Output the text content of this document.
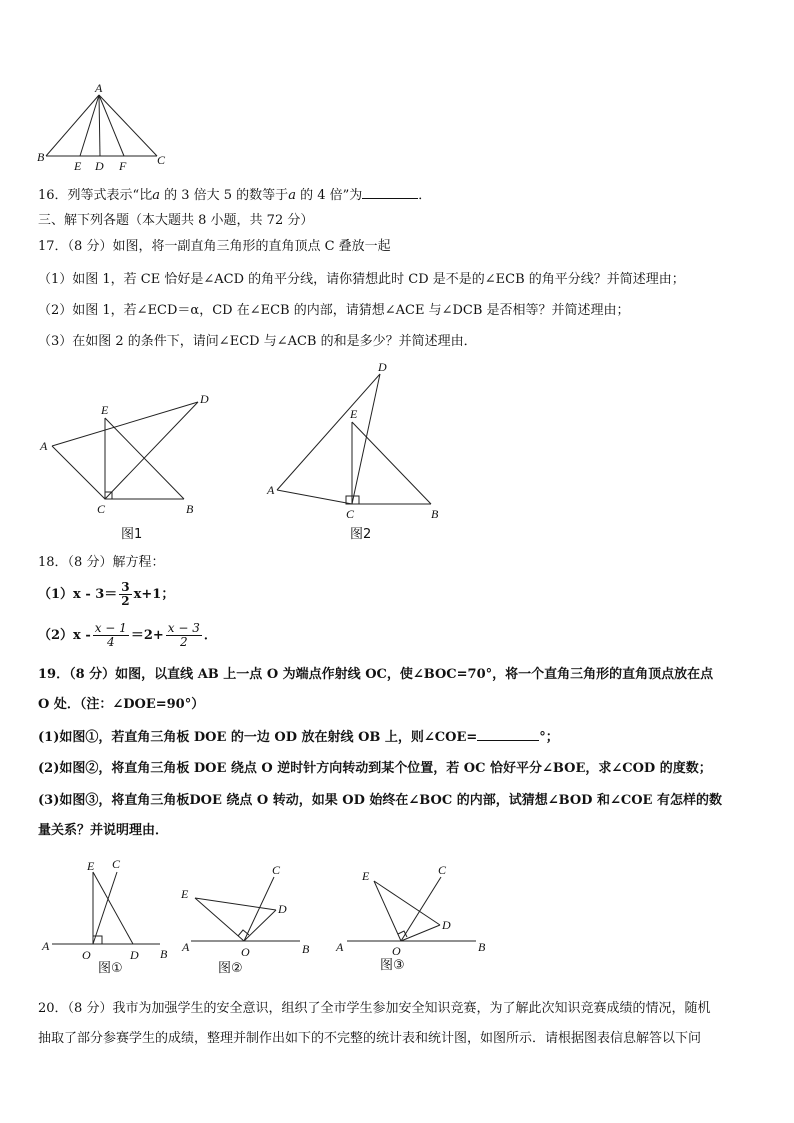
A
B	C
E D F
16．列等式表示“比a 的 3 倍大 5 的数等于a 的 4 倍”为	．
三、解下列各题（本大题共 8 小题，共 72 分）
17．（8 分）如图，将一副直角三角形的直角顶点 C 叠放一起
（1）如图 1，若 CE 恰好是∠ACD 的角平分线，请你猜想此时 CD 是不是的∠ECB 的角平分线？并简述理由；
（2）如图 1，若∠ECD＝α，CD 在∠ECB 的内部，请猜想∠ACE 与∠DCB 是否相等？并简述理由；
（3）在如图 2 的条件下，请问∠ECD 与∠ACB 的和是多少？并简述理由．
A
E
D
C	B
图1
D
E
A
C	B
图2
18．（8 分）解方程：
$(1)x - 3= \frac{3}{2} x+1$；
$(2)x - \frac{x - 1}{4} =2+ \frac{x - 3}{2}$ ．
19．（8 分）如图，以直线 AB 上一点 O 为端点作射线 OC，使∠BOC=70°，将一个直角三角形的直角顶点放在点
O 处．（注：∠DOE=90°）
(1)如图①，若直角三角板 DOE 的一边 OD 放在射线 OB 上，则∠COE=	°；
(2)如图②，将直角三角板 DOE 绕点 O 逆时针方向转动到某个位置，若 OC 恰好平分∠BOE，求∠COD 的度数；
(3)如图③，将直角三角板DOE 绕点 O 转动，如果 OD 始终在∠BOC 的内部，试猜想∠BOD 和∠COE 有怎样的数
量关系？并说明理由．
E C
A
O	D B
图①
C
E
D
A	O	B
图②
C
E
D
A	O	B
图③
20．（8 分）我市为加强学生的安全意识，组织了全市学生参加安全知识竞赛，为了解此次知识竞赛成绩的情况，随机
抽取了部分参赛学生的成绩，整理并制作出如下的不完整的统计表和统计图，如图所示．请根据图表信息解答以下问
